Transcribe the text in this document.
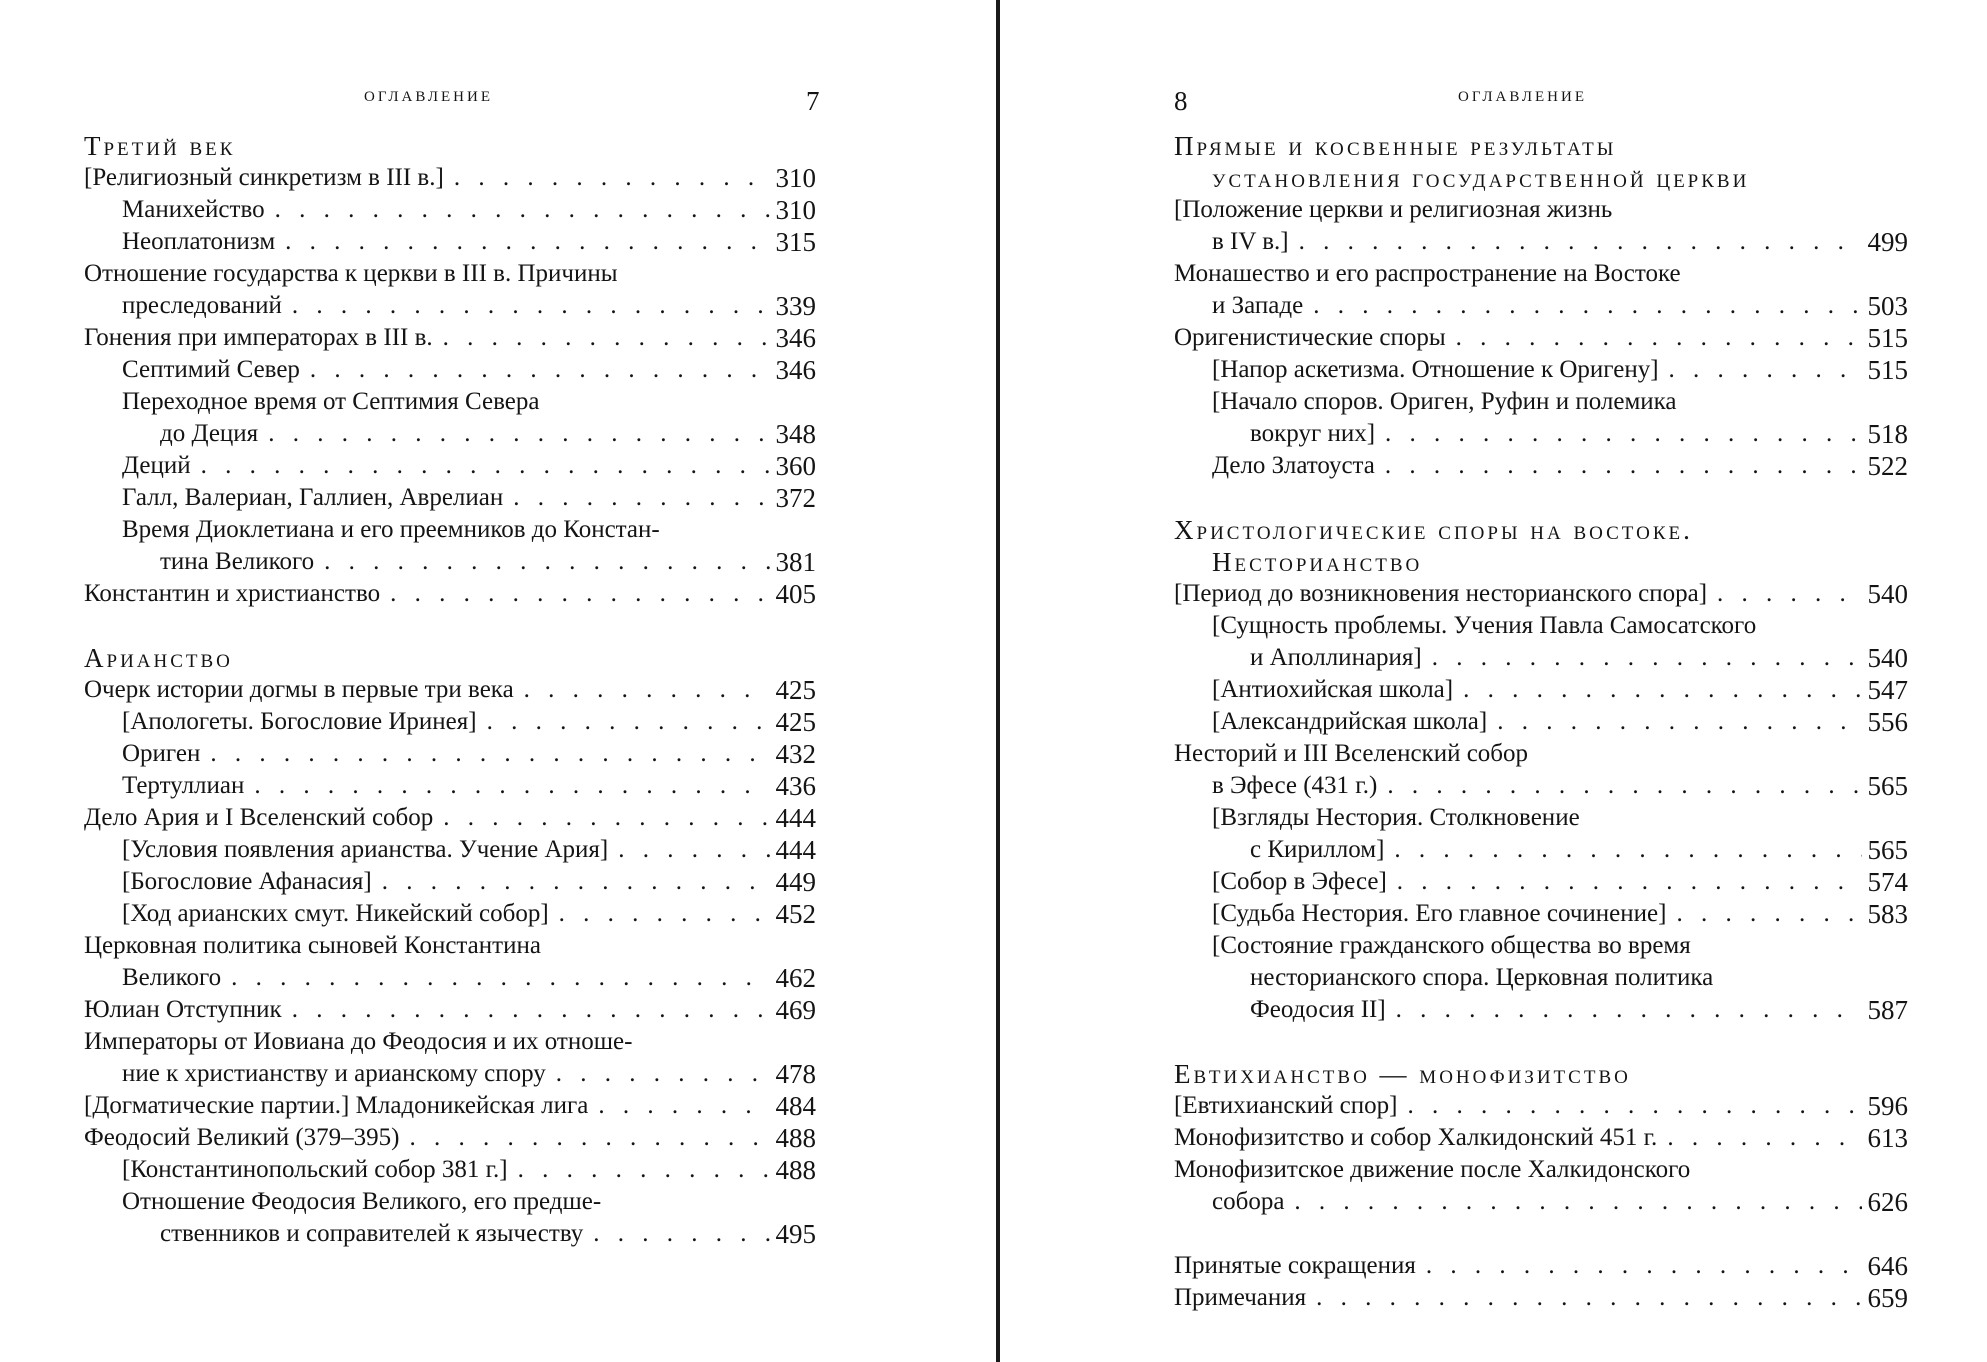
оглавление	7
Третий век
[Религиозный синкретизм в III в.]	310
. . .
Манихейство	310
. . .
Неоплатонизм	315
. . .
Отношение государства к церкви в III в. Причины
преследований	339
. . .
Гонения при императорах в III в.	346
. . .
Септимий Север	346
. . .
Переходное время от Септимия Севера
до Деция	348
. . .
Деций	360
. . .
Галл, Валериан, Галлиен, Аврелиан	372
. . .
Время Диоклетиана и его преемников до Констан-
тина Великого	381
. . .
Константин и христианство	405
. . .
Арианство
Очерк истории догмы в первые три века	425
. . .
[Апологеты. Богословие Иринея]	425
. . .
Ориген	432
. . .
Тертуллиан	436
. . .
Дело Ария и I Вселенский собор	444
. . .
[Условия появления арианства. Учение Ария]	444
. . .
[Богословие Афанасия]	449
. . .
[Ход арианских смут. Никейский собор]	452
. . .
Церковная политика сыновей Константина
Великого	462
. . .
Юлиан Отступник	469
. . .
Императоры от Иовиана до Феодосия и их отноше-
ние к христианству и арианскому спору	478
. . .
[Догматические партии.] Младоникейская лига	484
. . .
Феодосий Великий (379–395)	488
. . .
[Константинопольский собор 381 г.]	488
. . .
Отношение Феодосия Великого, его предше-
ственников и соправителей к язычеству	495
. . .
8	оглавление
Прямые и косвенные результаты
установления государственной церкви
[Положение церкви и религиозная жизнь
в IV в.]	499
. . .
Монашество и его распространение на Востоке
и Западе	503
. . .
Оригенистические споры	515
. . .
[Напор аскетизма. Отношение к Оригену]	515
. . .
[Начало споров. Ориген, Руфин и полемика
вокруг них]	518
. . .
Дело Златоуста	522
. . .
Христологические споры на востоке.
Несторианство
[Период до возникновения несторианского спора]	540
. . .
[Сущность проблемы. Учения Павла Самосатского
и Аполлинария]	540
. . .
[Антиохийская школа]	547
. . .
[Александрийская школа]	556
. . .
Несторий и III Вселенский собор
в Эфесе (431 г.)	565
. . .
[Взгляды Нестория. Столкновение
с Кириллом]	565
. . .
[Собор в Эфесе]	574
. . .
[Судьба Нестория. Его главное сочинение]	583
. . .
[Состояние гражданского общества во время
несторианского спора. Церковная политика
Феодосия II]	587
. . .
Евтихианство — монофизитство
[Евтихианский спор]	596
. . .
Монофизитство и собор Халкидонский 451 г.	613
. . .
Монофизитское движение после Халкидонского
собора	626
. . .
Принятые сокращения	646
. . .
Примечания	659
. . .
